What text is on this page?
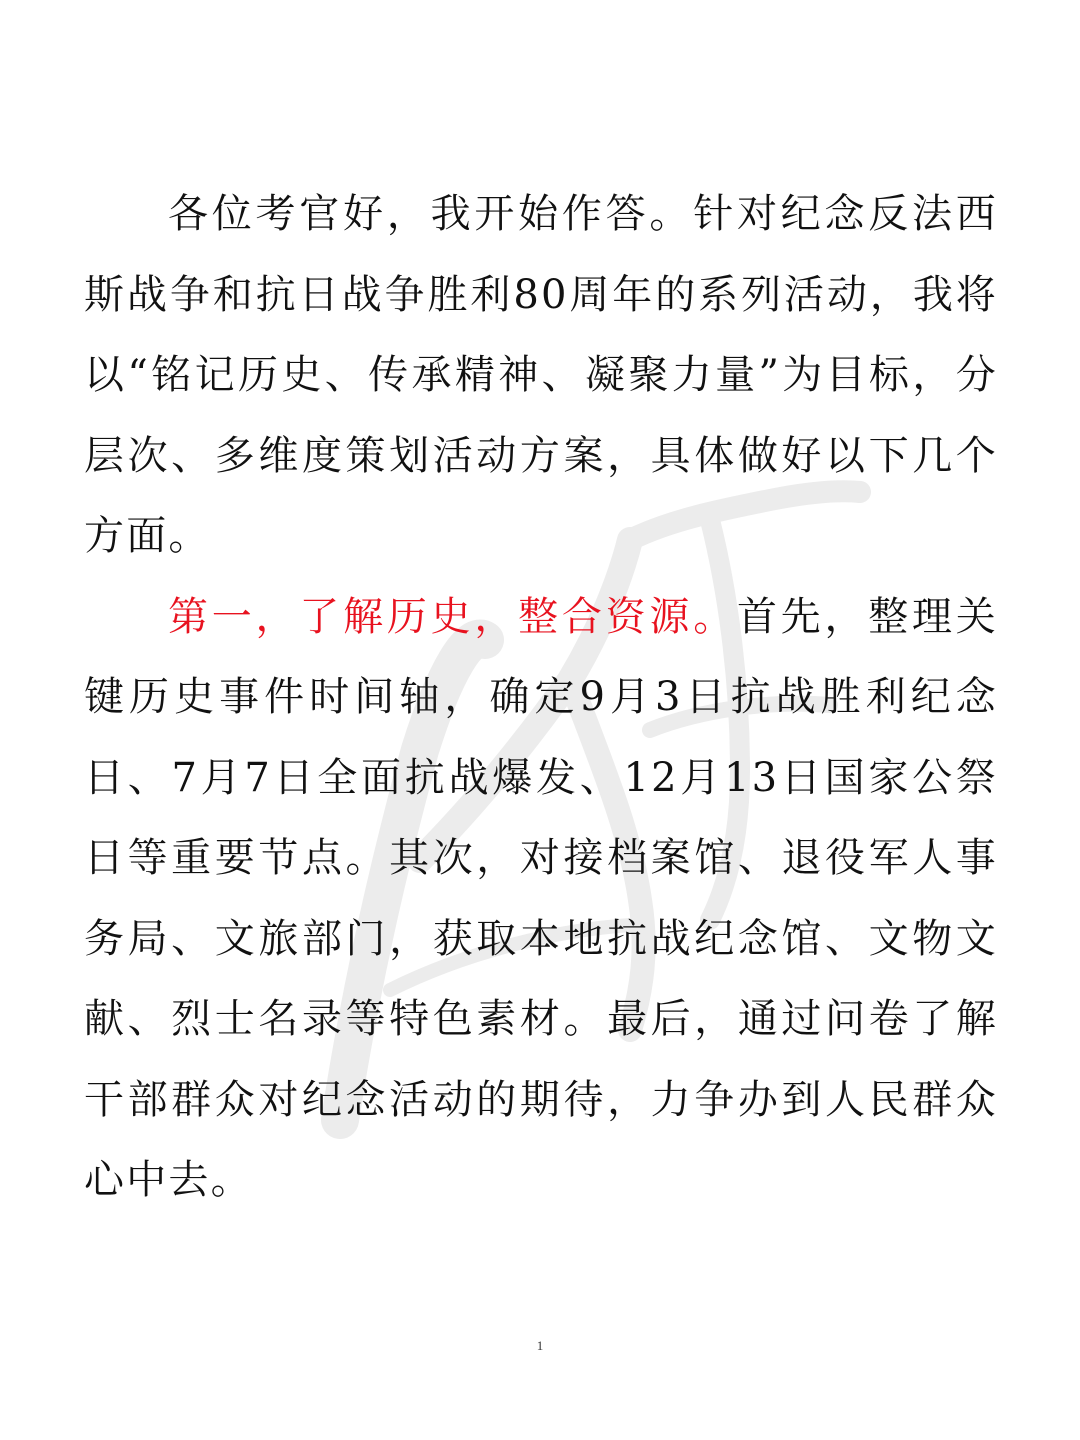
各位考官好，我开始作答。针对纪念反法西斯战争和抗日战争胜利80周年的系列活动，我将以“铭记历史、传承精神、凝聚力量”为目标，分层次、多维度策划活动方案，具体做好以下几个方面。

第一，了解历史，整合资源。首先，整理关键历史事件时间轴，确定9月3日抗战胜利纪念日、7月7日全面抗战爆发、12月13日国家公祭日等重要节点。其次，对接档案馆、退役军人事务局、文旅部门，获取本地抗战纪念馆、文物文献、烈士名录等特色素材。最后，通过问卷了解干部群众对纪念活动的期待，力争办到人民群众心中去。

1
